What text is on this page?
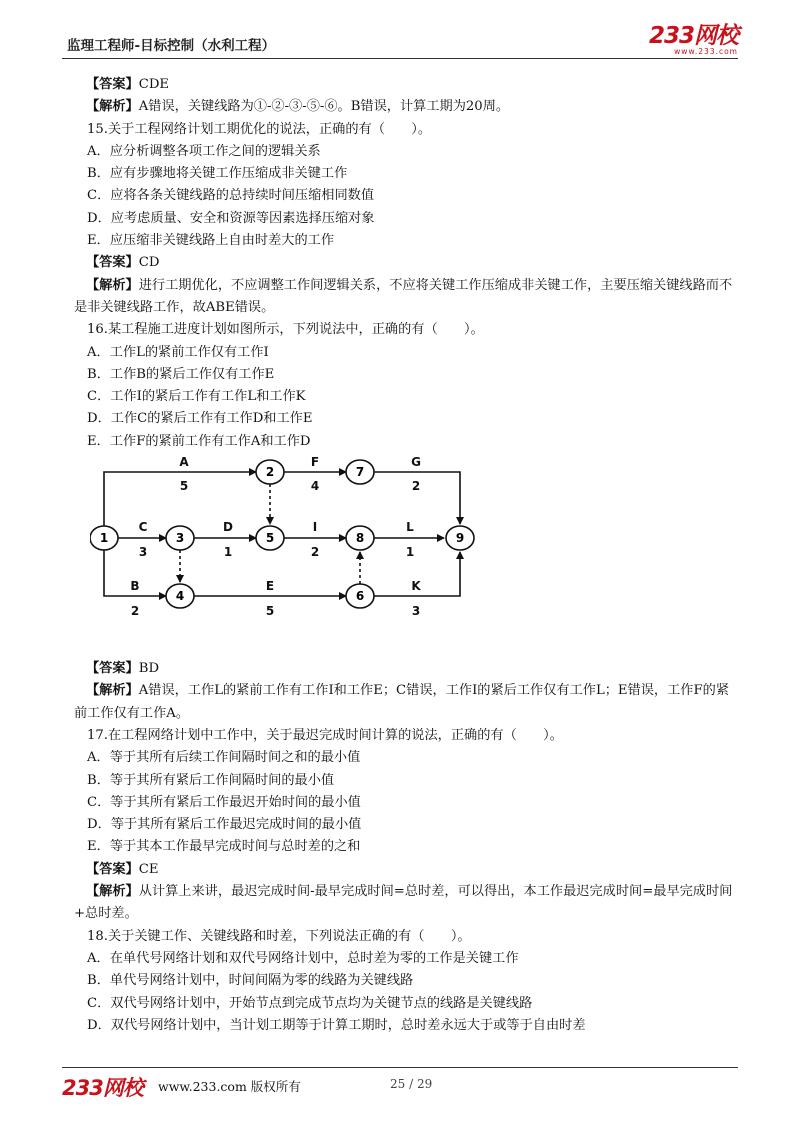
监理工程师-目标控制（水利工程）	233网校
www.233.com
【答案】CDE
【解析】A错误，关键线路为①-②-③-⑤-⑥。B错误，计算工期为20周。
15.关于工程网络计划工期优化的说法，正确的有（　　）。
A．应分析调整各项工作之间的逻辑关系
B．应有步骤地将关键工作压缩成非关键工作
C．应将各条关键线路的总持续时间压缩相同数值
D．应考虑质量、安全和资源等因素选择压缩对象
E．应压缩非关键线路上自由时差大的工作
【答案】CD
【解析】进行工期优化，不应调整工作间逻辑关系，不应将关键工作压缩成非关键工作，主要压缩关键线路而不是非关键线路工作，故ABE错误。
16.某工程施工进度计划如图所示，下列说法中，正确的有（　　）。
A．工作L的紧前工作仅有工作I
B．工作B的紧后工作仅有工作E
C．工作I的紧后工作有工作L和工作K
D．工作C的紧后工作有工作D和工作E
E．工作F的紧前工作有工作A和工作D
A
5
F
4
G
2
C
3
D
1
I
2
L
1
B
2
E
5
K
3
1
2
3
4
5
6
7
8	9
【答案】BD
【解析】A错误，工作L的紧前工作有工作I和工作E；C错误，工作I的紧后工作仅有工作L；E错误，工作F的紧前工作仅有工作A。
17.在工程网络计划中工作中，关于最迟完成时间计算的说法，正确的有（　　）。
A．等于其所有后续工作间隔时间之和的最小值
B．等于其所有紧后工作间隔时间的最小值
C．等于其所有紧后工作最迟开始时间的最小值
D．等于其所有紧后工作最迟完成时间的最小值
E．等于其本工作最早完成时间与总时差的之和
【答案】CE
【解析】从计算上来讲，最迟完成时间-最早完成时间=总时差，可以得出，本工作最迟完成时间=最早完成时间+总时差。
18.关于关键工作、关键线路和时差，下列说法正确的有（　　）。
A．在单代号网络计划和双代号网络计划中，总时差为零的工作是关键工作
B．单代号网络计划中，时间间隔为零的线路为关键线路
C．双代号网络计划中，开始节点到完成节点均为关键节点的线路是关键线路
D．双代号网络计划中，当计划工期等于计算工期时，总时差永远大于或等于自由时差
233网校 www.233.com 版权所有	25 / 29
